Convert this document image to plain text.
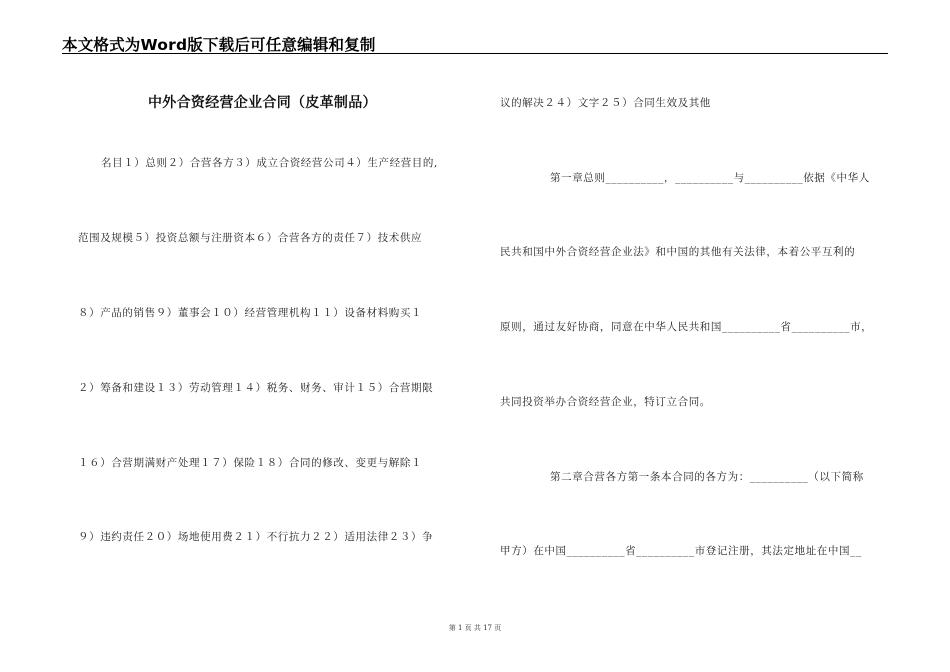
本文格式为Word版下载后可任意编辑和复制
中外合资经营企业合同（皮革制品）
名目１）总则２）合营各方３）成立合资经营公司４）生产经营目的,
范围及规模５）投资总额与注册资本６）合营各方的责任７）技术供应
８）产品的销售９）董事会１０）经营管理机构１１）设备材料购买１
２）筹备和建设１３）劳动管理１４）税务、财务、审计１５）合营期限
１６）合营期满财产处理１７）保险１８）合同的修改、变更与解除１
９）违约责任２０）场地使用费２１）不行抗力２２）适用法律２３）争
议的解决２４）文字２５）合同生效及其他
第一章总则__________，__________与__________依据《中华人
民共和国中外合资经营企业法》和中国的其他有关法律，本着公平互利的
原则，通过友好协商，同意在中华人民共和国__________省__________市，
共同投资举办合资经营企业，特订立合同。
第二章合营各方第一条本合同的各方为：__________（以下简称
甲方）在中国__________省__________市登记注册，其法定地址在中国__
第 1 页 共 17 页
